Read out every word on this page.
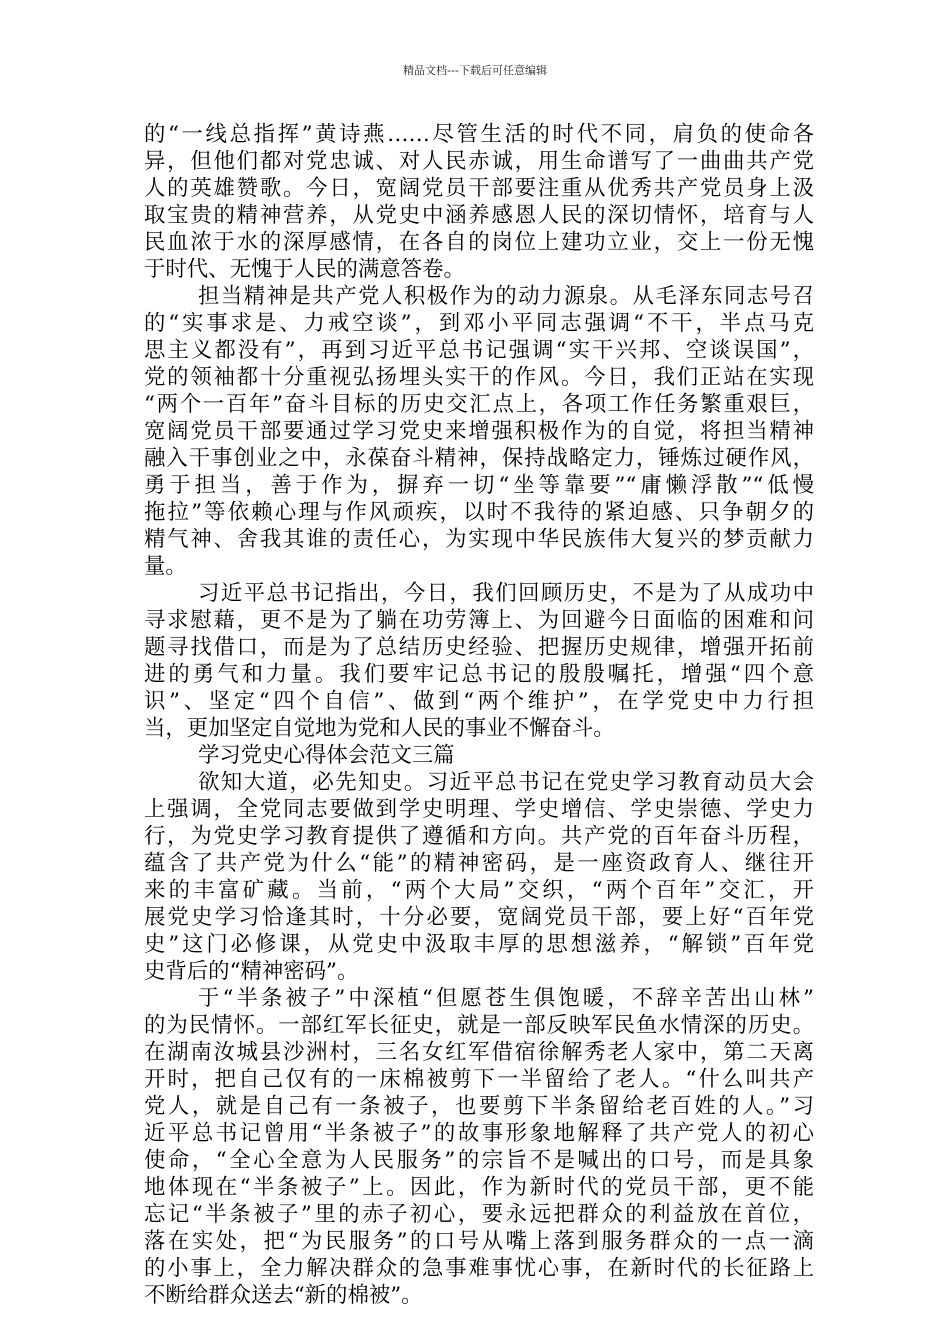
精品文档---下载后可任意编辑
的“一线总指挥”黄诗燕……尽管生活的时代不同，肩负的使命各
异，但他们都对党忠诚、对人民赤诚，用生命谱写了一曲曲共产党
人的英雄赞歌。今日，宽阔党员干部要注重从优秀共产党员身上汲
取宝贵的精神营养，从党史中涵养感恩人民的深切情怀，培育与人
民血浓于水的深厚感情，在各自的岗位上建功立业，交上一份无愧
于时代、无愧于人民的满意答卷。
担当精神是共产党人积极作为的动力源泉。从毛泽东同志号召
的“实事求是、力戒空谈”，到邓小平同志强调“不干，半点马克
思主义都没有”，再到习近平总书记强调“实干兴邦、空谈误国”，
党的领袖都十分重视弘扬埋头实干的作风。今日，我们正站在实现
“两个一百年”奋斗目标的历史交汇点上，各项工作任务繁重艰巨，
宽阔党员干部要通过学习党史来增强积极作为的自觉，将担当精神
融入干事创业之中，永葆奋斗精神，保持战略定力，锤炼过硬作风，
勇于担当，善于作为，摒弃一切“坐等靠要”“庸懒浮散”“低慢
拖拉”等依赖心理与作风顽疾，以时不我待的紧迫感、只争朝夕的
精气神、舍我其谁的责任心，为实现中华民族伟大复兴的梦贡献力
量。
习近平总书记指出，今日，我们回顾历史，不是为了从成功中
寻求慰藉，更不是为了躺在功劳簿上、为回避今日面临的困难和问
题寻找借口，而是为了总结历史经验、把握历史规律，增强开拓前
进的勇气和力量。我们要牢记总书记的殷殷嘱托，增强“四个意
识”、坚定“四个自信”、做到“两个维护”，在学党史中力行担
当，更加坚定自觉地为党和人民的事业不懈奋斗。
学习党史心得体会范文三篇
欲知大道，必先知史。习近平总书记在党史学习教育动员大会
上强调，全党同志要做到学史明理、学史增信、学史崇德、学史力
行，为党史学习教育提供了遵循和方向。共产党的百年奋斗历程，
蕴含了共产党为什么“能”的精神密码，是一座资政育人、继往开
来的丰富矿藏。当前，“两个大局”交织，“两个百年”交汇，开
展党史学习恰逢其时，十分必要，宽阔党员干部，要上好“百年党
史”这门必修课，从党史中汲取丰厚的思想滋养，“解锁”百年党
史背后的“精神密码”。
于“半条被子”中深植“但愿苍生俱饱暖，不辞辛苦出山林”
的为民情怀。一部红军长征史，就是一部反映军民鱼水情深的历史。
在湖南汝城县沙洲村，三名女红军借宿徐解秀老人家中，第二天离
开时，把自己仅有的一床棉被剪下一半留给了老人。“什么叫共产
党人，就是自己有一条被子，也要剪下半条留给老百姓的人。”习
近平总书记曾用“半条被子”的故事形象地解释了共产党人的初心
使命，“全心全意为人民服务”的宗旨不是喊出的口号，而是具象
地体现在“半条被子”上。因此，作为新时代的党员干部，更不能
忘记“半条被子”里的赤子初心，要永远把群众的利益放在首位，
落在实处，把“为民服务”的口号从嘴上落到服务群众的一点一滴
的小事上，全力解决群众的急事难事忧心事，在新时代的长征路上
不断给群众送去“新的棉被”。
